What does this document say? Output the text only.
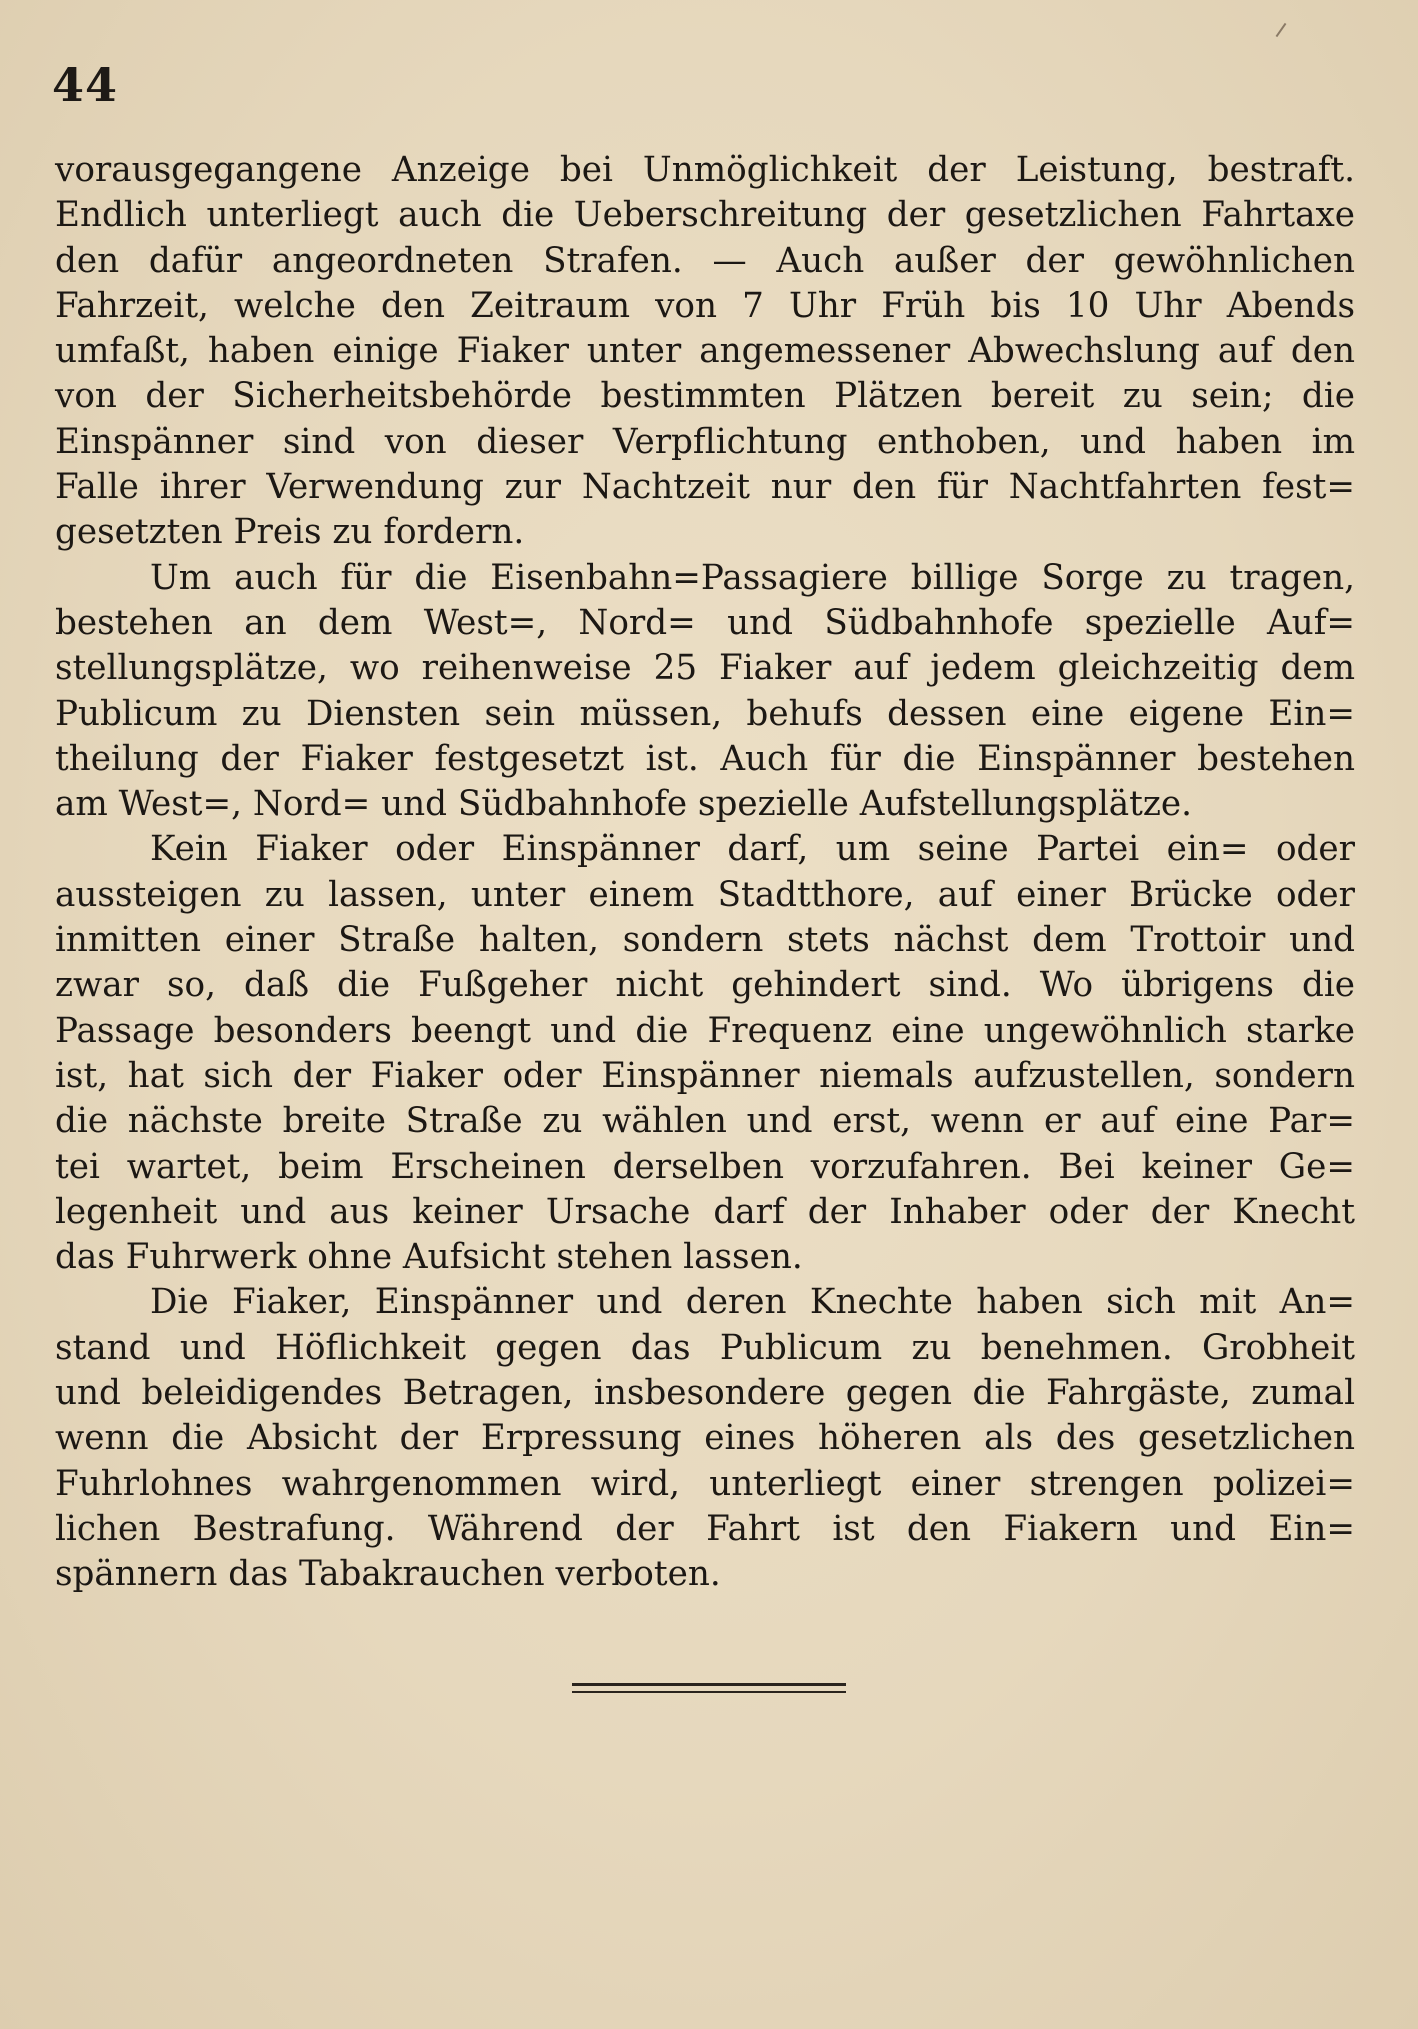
44
vorausgegangene Anzeige bei Unmöglichkeit der Leistung, bestraft.
Endlich unterliegt auch die Ueberschreitung der gesetzlichen Fahrtaxe
den dafür angeordneten Strafen. — Auch außer der gewöhnlichen
Fahrzeit, welche den Zeitraum von 7 Uhr Früh bis 10 Uhr Abends
umfaßt, haben einige Fiaker unter angemessener Abwechslung auf den
von der Sicherheitsbehörde bestimmten Plätzen bereit zu sein; die
Einspänner sind von dieser Verpflichtung enthoben, und haben im
Falle ihrer Verwendung zur Nachtzeit nur den für Nachtfahrten fest=
gesetzten Preis zu fordern.
Um auch für die Eisenbahn=Passagiere billige Sorge zu tragen,
bestehen an dem West=, Nord= und Südbahnhofe spezielle Auf=
stellungsplätze, wo reihenweise 25 Fiaker auf jedem gleichzeitig dem
Publicum zu Diensten sein müssen, behufs dessen eine eigene Ein=
theilung der Fiaker festgesetzt ist. Auch für die Einspänner bestehen
am West=, Nord= und Südbahnhofe spezielle Aufstellungsplätze.
Kein Fiaker oder Einspänner darf, um seine Partei ein= oder
aussteigen zu lassen, unter einem Stadtthore, auf einer Brücke oder
inmitten einer Straße halten, sondern stets nächst dem Trottoir und
zwar so, daß die Fußgeher nicht gehindert sind. Wo übrigens die
Passage besonders beengt und die Frequenz eine ungewöhnlich starke
ist, hat sich der Fiaker oder Einspänner niemals aufzustellen, sondern
die nächste breite Straße zu wählen und erst, wenn er auf eine Par=
tei wartet, beim Erscheinen derselben vorzufahren. Bei keiner Ge=
legenheit und aus keiner Ursache darf der Inhaber oder der Knecht
das Fuhrwerk ohne Aufsicht stehen lassen.
Die Fiaker, Einspänner und deren Knechte haben sich mit An=
stand und Höflichkeit gegen das Publicum zu benehmen. Grobheit
und beleidigendes Betragen, insbesondere gegen die Fahrgäste, zumal
wenn die Absicht der Erpressung eines höheren als des gesetzlichen
Fuhrlohnes wahrgenommen wird, unterliegt einer strengen polizei=
lichen Bestrafung. Während der Fahrt ist den Fiakern und Ein=
spännern das Tabakrauchen verboten.
